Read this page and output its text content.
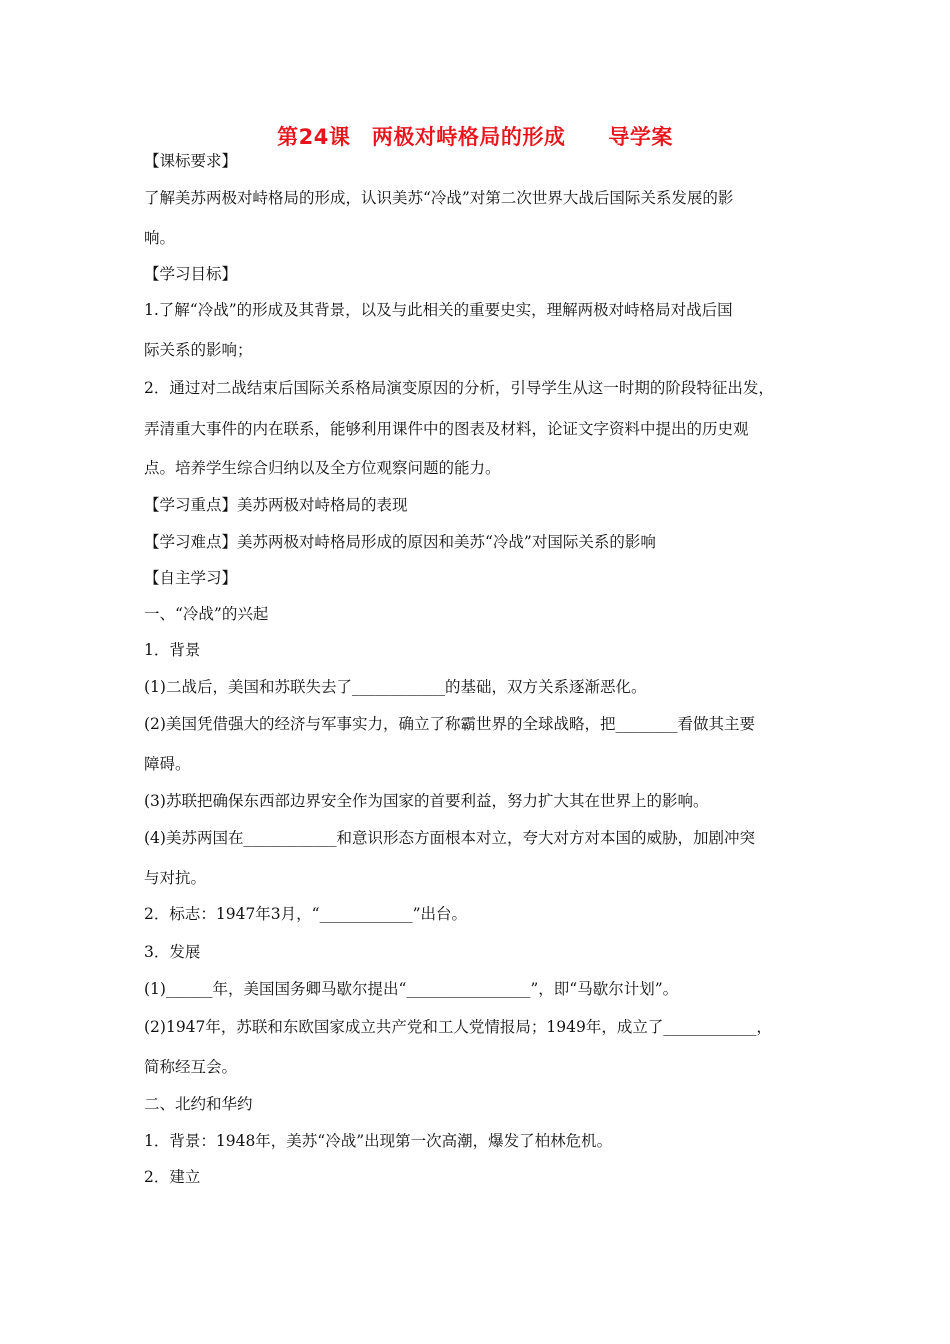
第24课　两极对峙格局的形成　　导学案
【课标要求】
了解美苏两极对峙格局的形成，认识美苏“冷战”对第二次世界大战后国际关系发展的影
响。
【学习目标】
1.了解“冷战”的形成及其背景，以及与此相关的重要史实，理解两极对峙格局对战后国
际关系的影响；
2．通过对二战结束后国际关系格局演变原因的分析，引导学生从这一时期的阶段特征出发，
弄清重大事件的内在联系，能够利用课件中的图表及材料，论证文字资料中提出的历史观
点。培养学生综合归纳以及全方位观察问题的能力。
【学习重点】美苏两极对峙格局的表现
【学习难点】美苏两极对峙格局形成的原因和美苏“冷战”对国际关系的影响
【自主学习】
一、“冷战”的兴起
1．背景
(1)二战后，美国和苏联失去了____________的基础，双方关系逐渐恶化。
(2)美国凭借强大的经济与军事实力，确立了称霸世界的全球战略，把________看做其主要
障碍。
(3)苏联把确保东西部边界安全作为国家的首要利益，努力扩大其在世界上的影响。
(4)美苏两国在____________和意识形态方面根本对立，夸大对方对本国的威胁，加剧冲突
与对抗。
2．标志：1947年3月，“____________”出台。
3．发展
(1)______年，美国国务卿马歇尔提出“________________”，即“马歇尔计划”。
(2)1947年，苏联和东欧国家成立共产党和工人党情报局；1949年，成立了____________，
简称经互会。
二、北约和华约
1．背景：1948年，美苏“冷战”出现第一次高潮，爆发了柏林危机。
2．建立
